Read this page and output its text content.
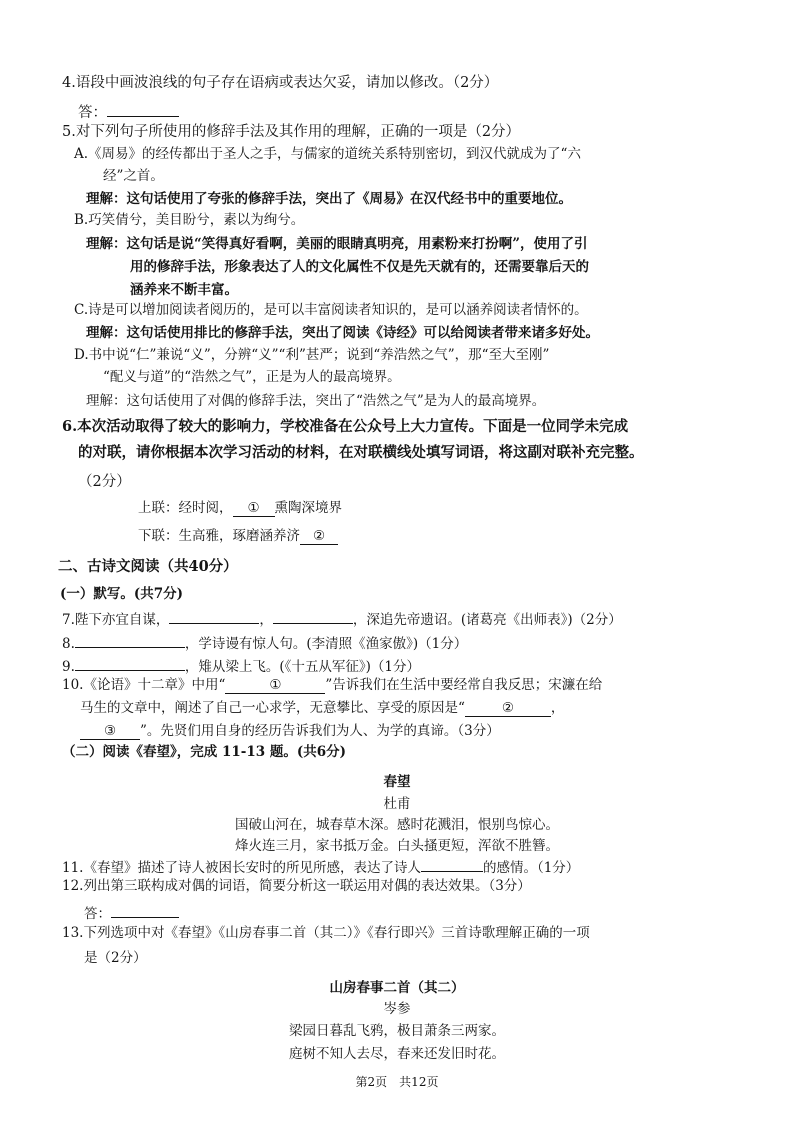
4.语段中画波浪线的句子存在语病或表达欠妥，请加以修改。（2分）
答：
5.对下列句子所使用的修辞手法及其作用的理解，正确的一项是（2分）
A.《周易》的经传都出于圣人之手，与儒家的道统关系特别密切，到汉代就成为了“六
经”之首。
理解：这句话使用了夸张的修辞手法，突出了《周易》在汉代经书中的重要地位。
B.巧笑倩兮，美目盼兮，素以为绚兮。
理解：这句话是说“笑得真好看啊，美丽的眼睛真明亮，用素粉来打扮啊”，使用了引
用的修辞手法，形象表达了人的文化属性不仅是先天就有的，还需要靠后天的
涵养来不断丰富。
C.诗是可以增加阅读者阅历的，是可以丰富阅读者知识的，是可以涵养阅读者情怀的。
理解：这句话使用排比的修辞手法，突出了阅读《诗经》可以给阅读者带来诸多好处。
D.书中说“仁”兼说“义”，分辨“义”“利”甚严；说到“养浩然之气”，那“至大至刚”
“配义与道”的“浩然之气”，正是为人的最高境界。
理解：这句话使用了对偶的修辞手法，突出了“浩然之气”是为人的最高境界。
6.本次活动取得了较大的影响力，学校准备在公众号上大力宣传。下面是一位同学未完成
的对联，请你根据本次学习活动的材料，在对联横线处填写词语，将这副对联补充完整。
（2分）
上联：经时阅， ① 熏陶深境界
下联：生高雅，琢磨涵养济 ②
二、古诗文阅读（共40分）
(一）默写。(共7分)
7.陛下亦宜自谋，	，	，深追先帝遗诏。(诸葛亮《出师表》)（2分）
8.	，学诗谩有惊人句。(李清照《渔家傲》)（1分）
9.	，雉从梁上飞。(《十五从军征》)（1分）
10.《论语》十二章》中用“	①	”告诉我们在生活中要经常自我反思；宋濂在给
马生的文章中，阐述了自己一心求学，无意攀比、享受的原因是“	②	，
③ ”。先贤们用自身的经历告诉我们为人、为学的真谛。（3分）
（二）阅读《春望》，完成 11-13 题。(共6分)
春望
杜甫
国破山河在，城春草木深。感时花溅泪，恨别鸟惊心。
烽火连三月，家书抵万金。白头搔更短，浑欲不胜簪。
11.《春望》描述了诗人被困长安时的所见所感，表达了诗人	的感情。（1分）
12.列出第三联构成对偶的词语，简要分析这一联运用对偶的表达效果。（3分）
答：
13.下列选项中对《春望》《山房春事二首（其二）》《春行即兴》三首诗歌理解正确的一项
是（2分）
山房春事二首（其二）
岑参
梁园日暮乱飞鸦，极目萧条三两家。
庭树不知人去尽，春来还发旧时花。
第2页　共12页
